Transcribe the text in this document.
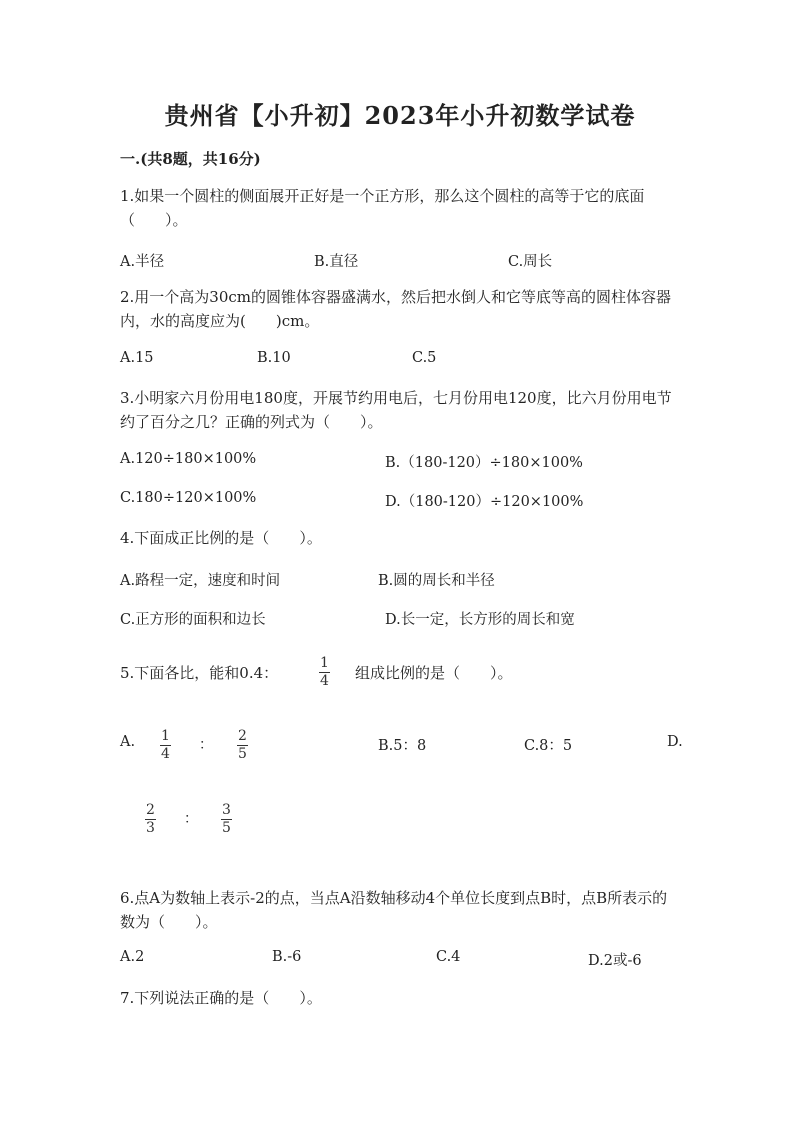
贵州省【小升初】2023年小升初数学试卷
一.(共8题，共16分)
1.如果一个圆柱的侧面展开正好是一个正方形，那么这个圆柱的高等于它的底面（　　）。
A.半径	B.直径	C.周长
2.用一个高为30cm的圆锥体容器盛满水，然后把水倒人和它等底等高的圆柱体容器内，水的高度应为(　　)cm。
A.15	B.10	C.5
3.小明家六月份用电180度，开展节约用电后，七月份用电120度，比六月份用电节约了百分之几？正确的列式为（　　）。
A.120÷180×100%	B.（180-120）÷180×100%
C.180÷120×100%	D.（180-120）÷120×100%
4.下面成正比例的是（　　）。
A.路程一定，速度和时间	B.圆的周长和半径
C.正方形的面积和边长	D.长一定，长方形的周长和宽
5.下面各比，能和0.4：	$\frac{1}{4}$ 组成比例的是（　　）。
A. $\frac{1}{4}$ ： $\frac{2}{5}$	B.5：8	C.8：5	D.
$\frac{2}{3}$ ： $\frac{3}{5}$
6.点A为数轴上表示-2的点，当点A沿数轴移动4个单位长度到点B时，点B所表示的数为（　　）。
A.2	B.-6	C.4	D.2或-6
7.下列说法正确的是（　　）。
